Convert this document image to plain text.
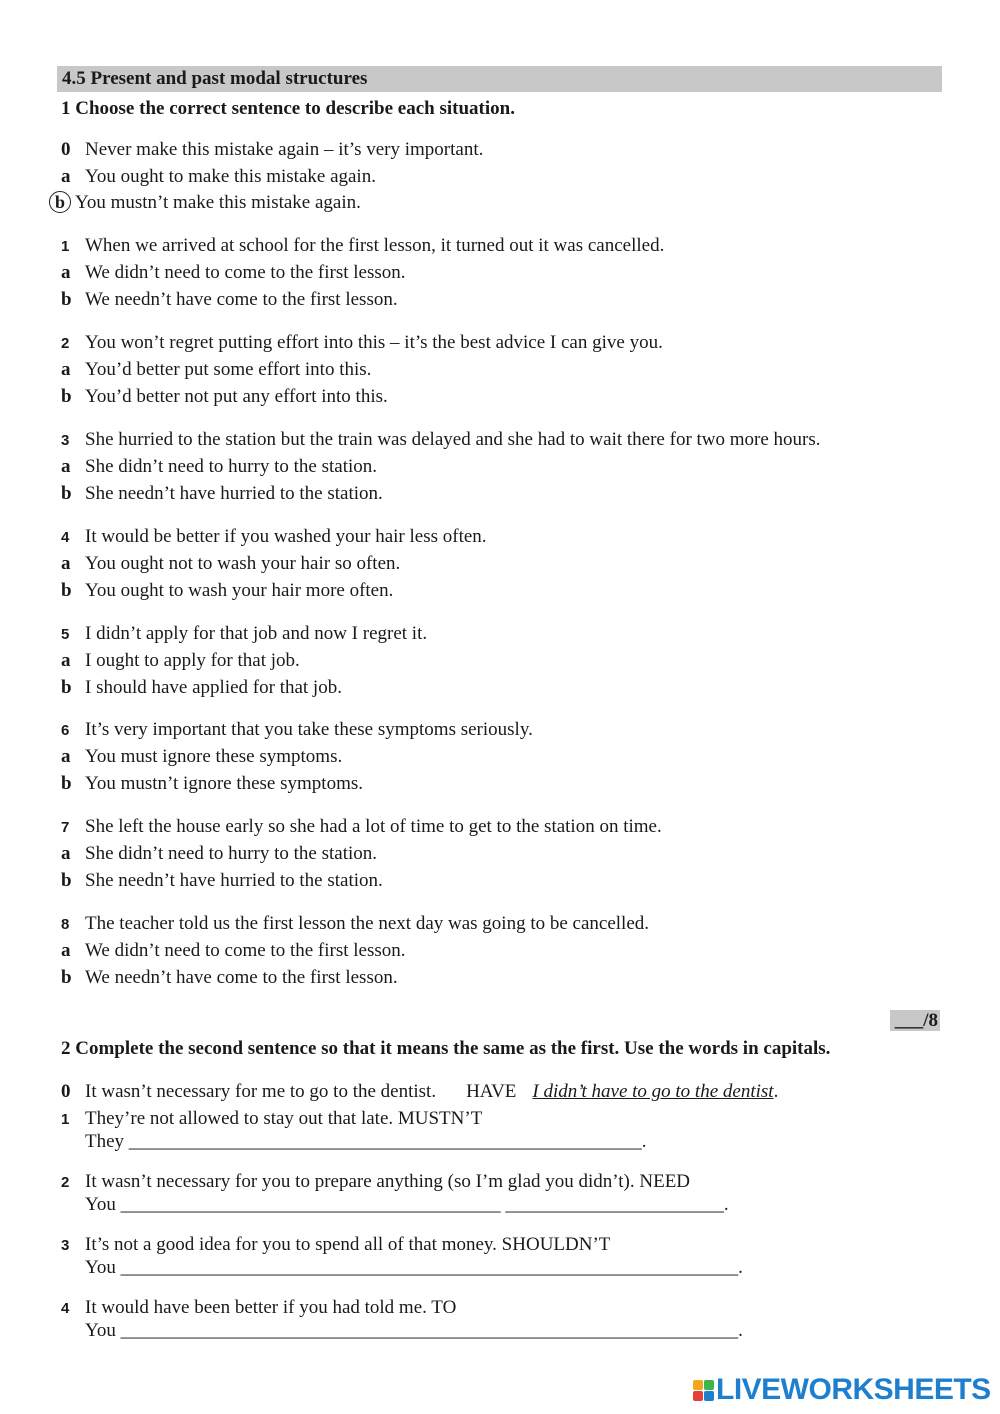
4.5 Present and past modal structures
1 Choose the correct sentence to describe each situation.
0 Never make this mistake again – it’s very important.
a You ought to make this mistake again.
b You mustn’t make this mistake again.
1 When we arrived at school for the first lesson, it turned out it was cancelled.
a We didn’t need to come to the first lesson.
b We needn’t have come to the first lesson.
2 You won’t regret putting effort into this – it’s the best advice I can give you.
a You’d better put some effort into this.
b You’d better not put any effort into this.
3 She hurried to the station but the train was delayed and she had to wait there for two more hours.
a She didn’t need to hurry to the station.
b She needn’t have hurried to the station.
4 It would be better if you washed your hair less often.
a You ought not to wash your hair so often.
b You ought to wash your hair more often.
5 I didn’t apply for that job and now I regret it.
a I ought to apply for that job.
b I should have applied for that job.
6 It’s very important that you take these symptoms seriously.
a You must ignore these symptoms.
b You mustn’t ignore these symptoms.
7 She left the house early so she had a lot of time to get to the station on time.
a She didn’t need to hurry to the station.
b She needn’t have hurried to the station.
8 The teacher told us the first lesson the next day was going to be cancelled.
a We didn’t need to come to the first lesson.
b We needn’t have come to the first lesson.
___/8
2 Complete the second sentence so that it means the same as the first. Use the words in capitals.
0 It wasn’t necessary for me to go to the dentist. HAVE I didn’t have to go to the dentist.
1 They’re not allowed to stay out that late. MUSTN’T
They ______________________________________________________.
2 It wasn’t necessary for you to prepare anything (so I’m glad you didn’t). NEED
You ________________________________________ _______________________.
3 It’s not a good idea for you to spend all of that money. SHOULDN’T
You _________________________________________________________________.
4 It would have been better if you had told me. TO
You _________________________________________________________________.
LIVEWORKSHEETS
